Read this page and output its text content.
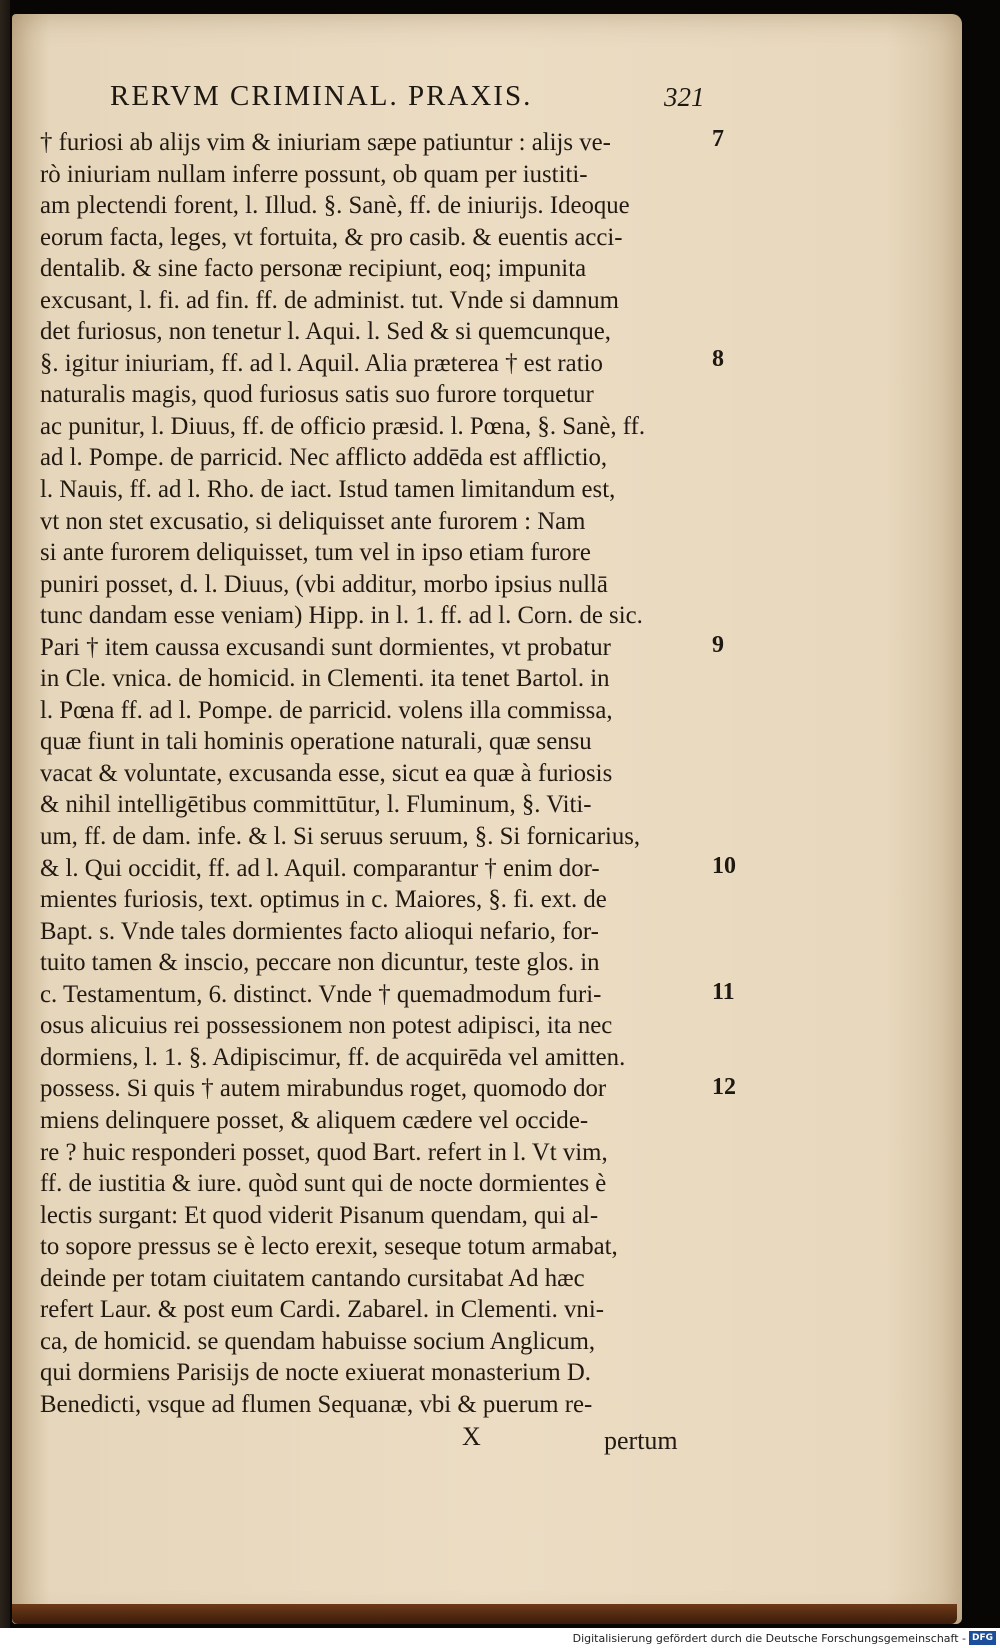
RERVM CRIMINAL. PRAXIS.	321
† furiosi ab alijs vim & iniuriam sæpe patiuntur : alijs ve-
rò iniuriam nullam inferre possunt, ob quam per iustiti-
am plectendi forent, l. Illud. §. Sanè, ff. de iniurijs. Ideoque
eorum facta, leges, vt fortuita, & pro casib. & euentis acci-
dentalib. & sine facto personæ recipiunt, eoq; impunita
excusant, l. fi. ad fin. ff. de administ. tut. Vnde si damnum
det furiosus, non tenetur l. Aqui. l. Sed & si quemcunque,
§. igitur iniuriam, ff. ad l. Aquil. Alia præterea † est ratio
naturalis magis, quod furiosus satis suo furore torquetur
ac punitur, l. Diuus, ff. de officio præsid. l. Pœna, §. Sanè, ff.
ad l. Pompe. de parricid. Nec afflicto addēda est afflictio,
l. Nauis, ff. ad l. Rho. de iact. Istud tamen limitandum est,
vt non stet excusatio, si deliquisset ante furorem : Nam
si ante furorem deliquisset, tum vel in ipso etiam furore
puniri posset, d. l. Diuus, (vbi additur, morbo ipsius nullā
tunc dandam esse veniam) Hipp. in l. 1. ff. ad l. Corn. de sic.
Pari † item caussa excusandi sunt dormientes, vt probatur
in Cle. vnica. de homicid. in Clementi. ita tenet Bartol. in
l. Pœna ff. ad l. Pompe. de parricid. volens illa commissa,
quæ fiunt in tali hominis operatione naturali, quæ sensu
vacat & voluntate, excusanda esse, sicut ea quæ à furiosis
& nihil intelligētibus committūtur, l. Fluminum, §. Viti-
um, ff. de dam. infe. & l. Si seruus seruum, §. Si fornicarius,
& l. Qui occidit, ff. ad l. Aquil. comparantur † enim dor-
mientes furiosis, text. optimus in c. Maiores, §. fi. ext. de
Bapt. s. Vnde tales dormientes facto alioqui nefario, for-
tuito tamen & inscio, peccare non dicuntur, teste glos. in
c. Testamentum, 6. distinct. Vnde † quemadmodum furi-
osus alicuius rei possessionem non potest adipisci, ita nec
dormiens, l. 1. §. Adipiscimur, ff. de acquirēda vel amitten.
possess. Si quis † autem mirabundus roget, quomodo dor
miens delinquere posset, & aliquem cædere vel occide-
re ? huic responderi posset, quod Bart. refert in l. Vt vim,
ff. de iustitia & iure. quòd sunt qui de nocte dormientes è
lectis surgant: Et quod viderit Pisanum quendam, qui al-
to sopore pressus se è lecto erexit, seseque totum armabat,
deinde per totam ciuitatem cantando cursitabat Ad hæc
refert Laur. & post eum Cardi. Zabarel. in Clementi. vni-
ca, de homicid. se quendam habuisse socium Anglicum,
qui dormiens Parisijs de nocte exiuerat monasterium D.
Benedicti, vsque ad flumen Sequanæ, vbi & puerum re-
7
8
9
10
11
12
X	pertum
Digitalisierung gefördert durch die Deutsche Forschungsgemeinschaft - DFG
